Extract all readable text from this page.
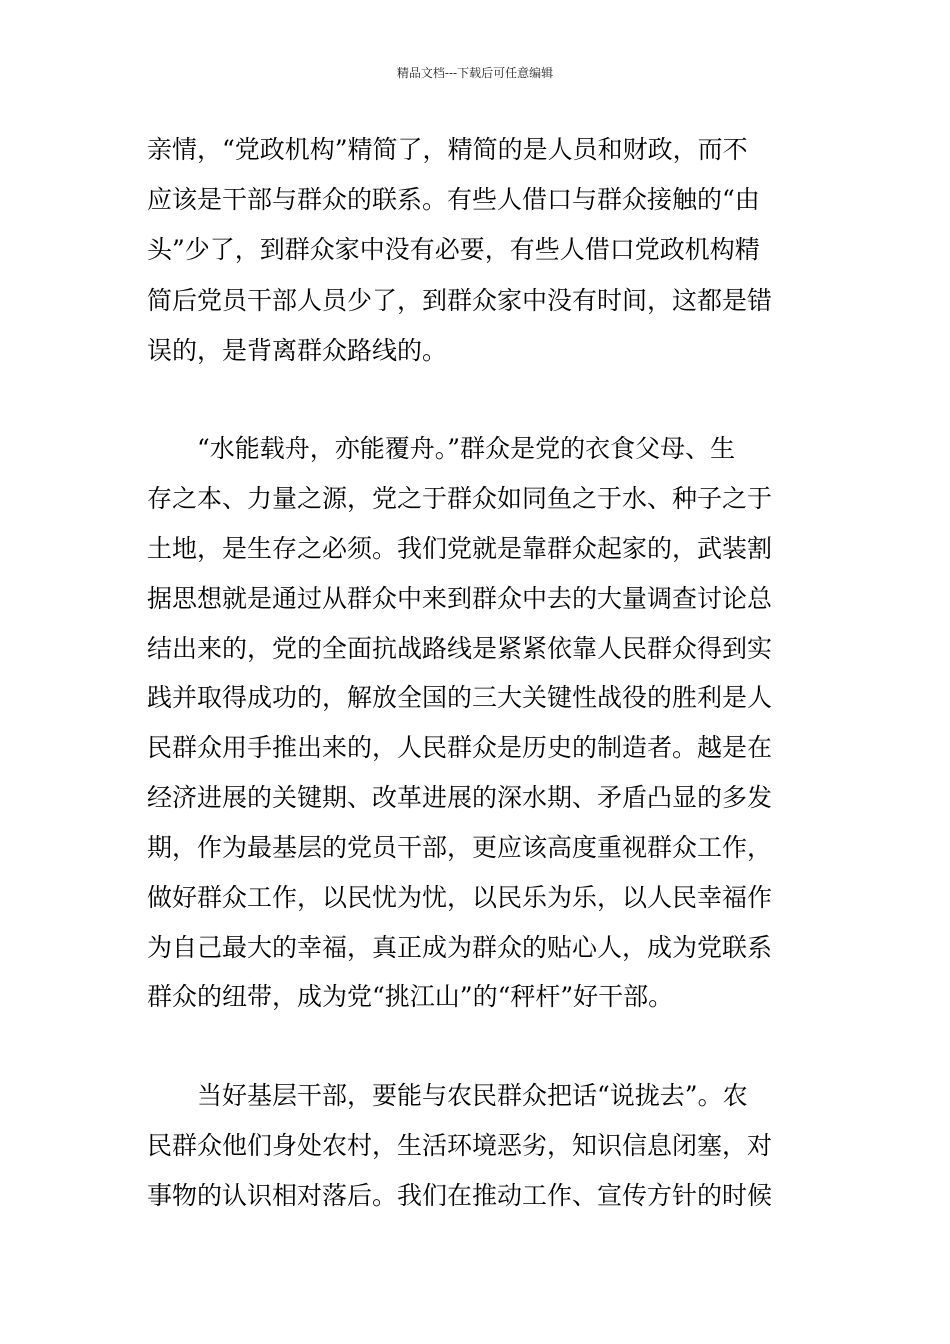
精品文档---下载后可任意编辑
亲情，“党政机构”精简了，精简的是人员和财政，而不
应该是干部与群众的联系。有些人借口与群众接触的“由
头”少了，到群众家中没有必要，有些人借口党政机构精
简后党员干部人员少了，到群众家中没有时间，这都是错
误的，是背离群众路线的。
“水能载舟，亦能覆舟。”群众是党的衣食父母、生
存之本、力量之源，党之于群众如同鱼之于水、种子之于
土地，是生存之必须。我们党就是靠群众起家的，武装割
据思想就是通过从群众中来到群众中去的大量调查讨论总
结出来的，党的全面抗战路线是紧紧依靠人民群众得到实
践并取得成功的，解放全国的三大关键性战役的胜利是人
民群众用手推出来的，人民群众是历史的制造者。越是在
经济进展的关键期、改革进展的深水期、矛盾凸显的多发
期，作为最基层的党员干部，更应该高度重视群众工作，
做好群众工作，以民忧为忧，以民乐为乐，以人民幸福作
为自己最大的幸福，真正成为群众的贴心人，成为党联系
群众的纽带，成为党“挑江山”的“秤杆”好干部。
当好基层干部，要能与农民群众把话“说拢去”。农
民群众他们身处农村，生活环境恶劣，知识信息闭塞，对
事物的认识相对落后。我们在推动工作、宣传方针的时候
